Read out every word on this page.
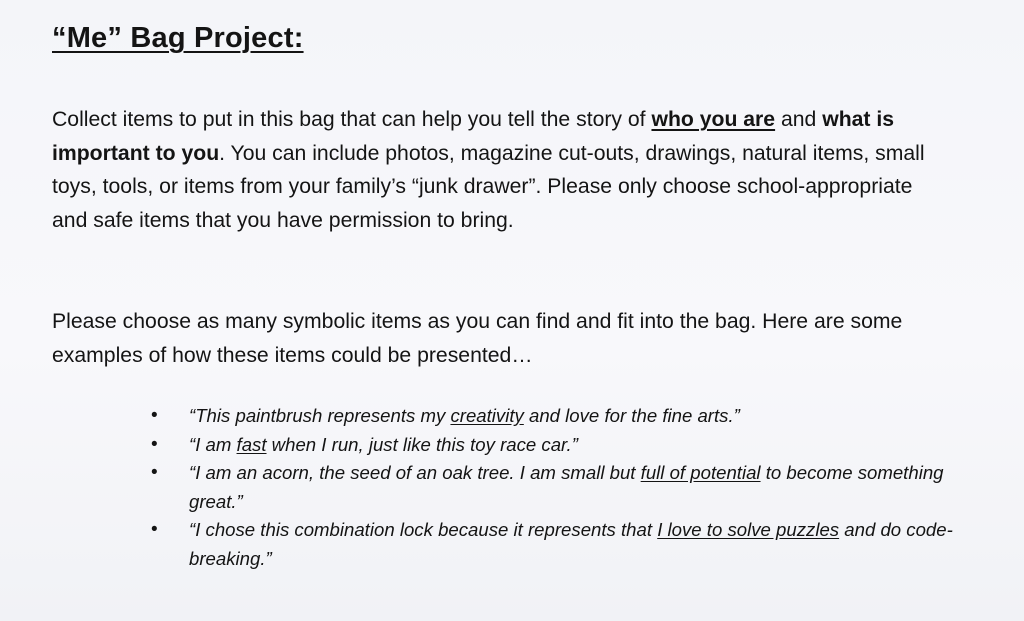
“Me” Bag Project:

Collect items to put in this bag that can help you tell the story of who you are and what is important to you. You can include photos, magazine cut-outs, drawings, natural items, small toys, tools, or items from your family’s “junk drawer”. Please only choose school-appropriate and safe items that you have permission to bring.

Please choose as many symbolic items as you can find and fit into the bag. Here are some examples of how these items could be presented…

• “This paintbrush represents my creativity and love for the fine arts.”
• “I am fast when I run, just like this toy race car.”
• “I am an acorn, the seed of an oak tree. I am small but full of potential to become something great.”
• “I chose this combination lock because it represents that I love to solve puzzles and do code-breaking.”
